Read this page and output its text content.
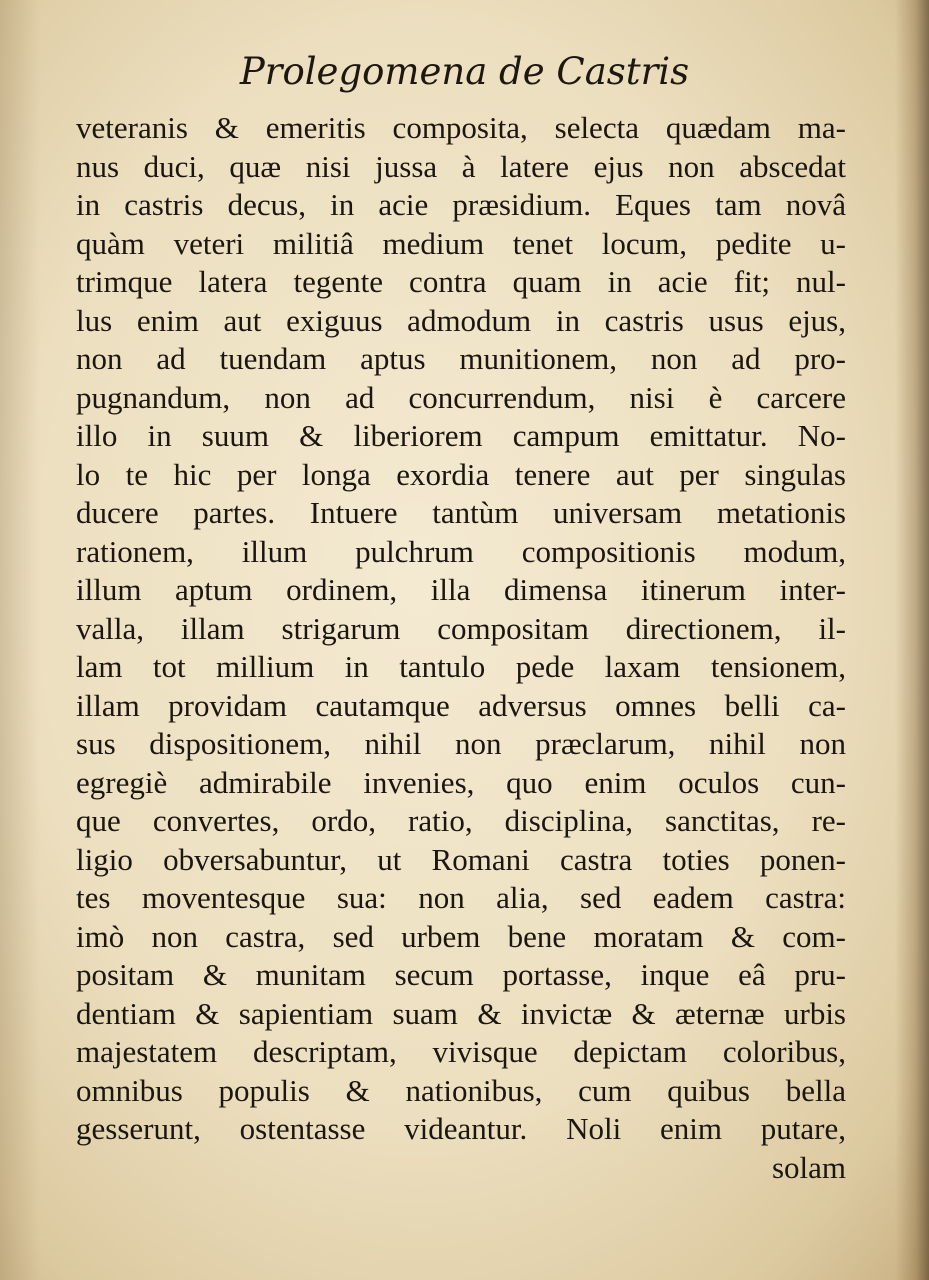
Prolegomena de Castris
veteranis & emeritis composita, selecta quædam ma-
nus duci, quæ nisi jussa à latere ejus non abscedat
in castris decus, in acie præsidium. Eques tam novâ
quàm veteri militiâ medium tenet locum, pedite u-
trimque latera tegente contra quam in acie fit; nul-
lus enim aut exiguus admodum in castris usus ejus,
non ad tuendam aptus munitionem, non ad pro-
pugnandum, non ad concurrendum, nisi è carcere
illo in suum & liberiorem campum emittatur. No-
lo te hic per longa exordia tenere aut per singulas
ducere partes. Intuere tantùm universam metationis
rationem, illum pulchrum compositionis modum,
illum aptum ordinem, illa dimensa itinerum inter-
valla, illam strigarum compositam directionem, il-
lam tot millium in tantulo pede laxam tensionem,
illam providam cautamque adversus omnes belli ca-
sus dispositionem, nihil non præclarum, nihil non
egregiè admirabile invenies, quo enim oculos cun-
que convertes, ordo, ratio, disciplina, sanctitas, re-
ligio obversabuntur, ut Romani castra toties ponen-
tes moventesque sua: non alia, sed eadem castra:
imò non castra, sed urbem bene moratam & com-
positam & munitam secum portasse, inque eâ pru-
dentiam & sapientiam suam & invictæ & æternæ urbis
majestatem descriptam, vivisque depictam coloribus,
omnibus populis & nationibus, cum quibus bella
gesserunt, ostentasse videantur. Noli enim putare,
solam
